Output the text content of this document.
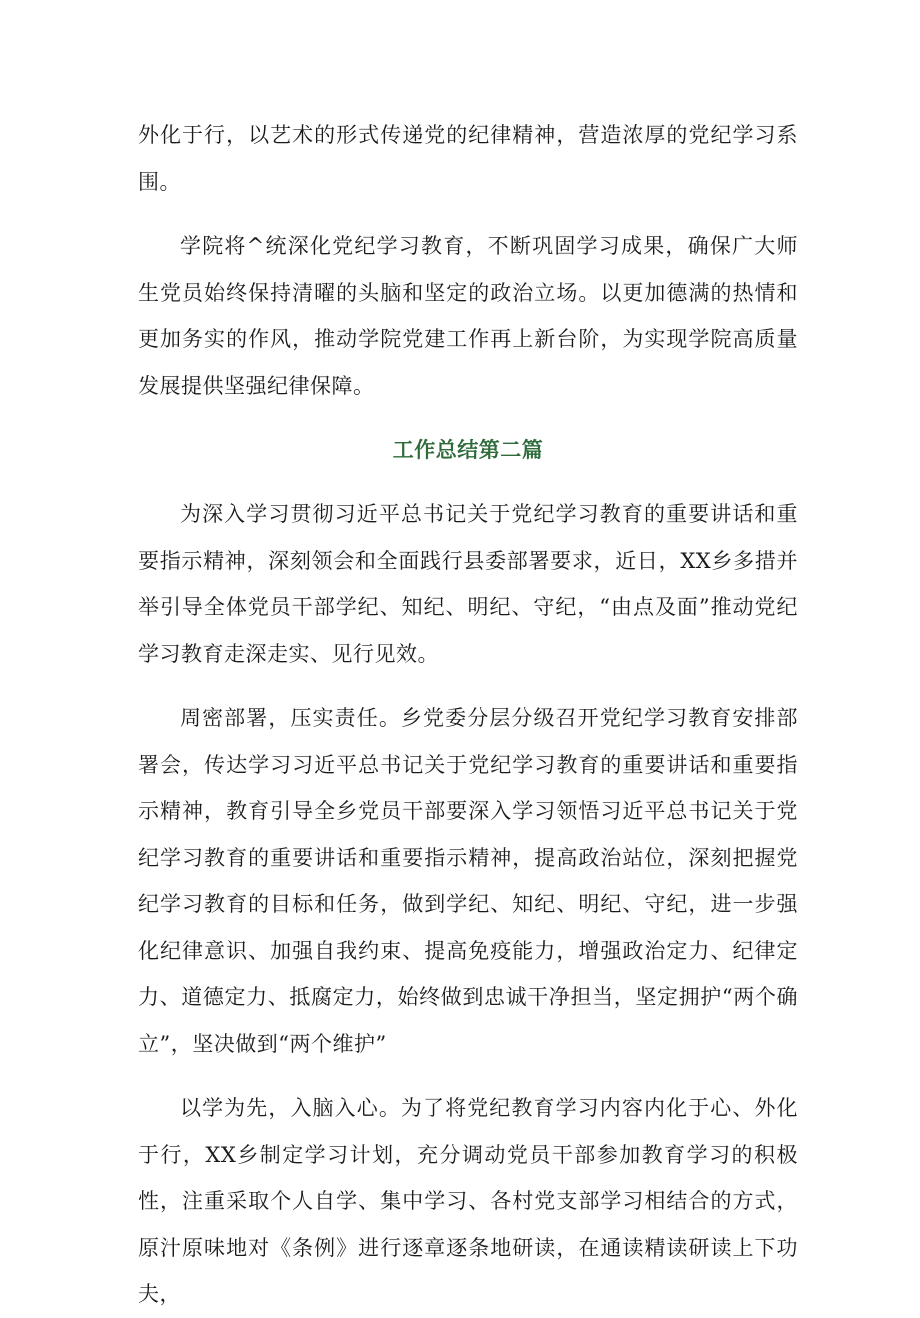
外化于行，以艺术的形式传递党的纪律精神，营造浓厚的党纪学习系围。

学院将^统深化党纪学习教育，不断巩固学习成果，确保广大师生党员始终保持清曜的头脑和坚定的政治立场。以更加德满的热情和更加务实的作风，推动学院党建工作再上新台阶，为实现学院高质量发展提供坚强纪律保障。

工作总结第二篇

为深入学习贯彻习近平总书记关于党纪学习教育的重要讲话和重要指示精神，深刻领会和全面践行县委部署要求，近日，XX乡多措并举引导全体党员干部学纪、知纪、明纪、守纪，“由点及面”推动党纪学习教育走深走实、见行见效。

周密部署，压实责任。乡党委分层分级召开党纪学习教育安排部署会，传达学习习近平总书记关于党纪学习教育的重要讲话和重要指示精神，教育引导全乡党员干部要深入学习领悟习近平总书记关于党纪学习教育的重要讲话和重要指示精神，提高政治站位，深刻把握党纪学习教育的目标和任务，做到学纪、知纪、明纪、守纪，进一步强化纪律意识、加强自我约束、提高免疫能力，增强政治定力、纪律定力、道德定力、抵腐定力，始终做到忠诚干净担当，坚定拥护“两个确立”，坚决做到“两个维护”

以学为先，入脑入心。为了将党纪教育学习内容内化于心、外化于行，XX乡制定学习计划，充分调动党员干部参加教育学习的积极性，注重采取个人自学、集中学习、各村党支部学习相结合的方式，原汁原味地对《条例》进行逐章逐条地研读，在通读精读研读上下功夫，
